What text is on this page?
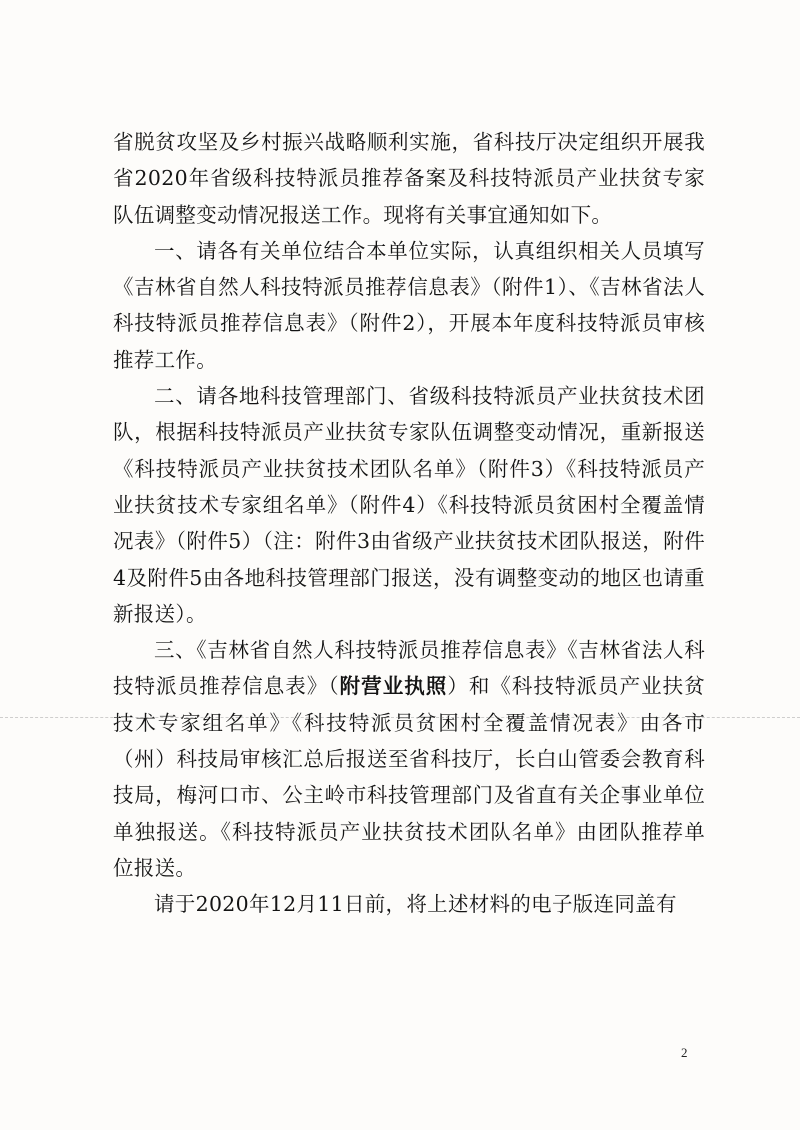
省脱贫攻坚及乡村振兴战略顺利实施，省科技厅决定组织开展我省2020年省级科技特派员推荐备案及科技特派员产业扶贫专家队伍调整变动情况报送工作。现将有关事宜通知如下。

一、请各有关单位结合本单位实际，认真组织相关人员填写《吉林省自然人科技特派员推荐信息表》（附件1）、《吉林省法人科技特派员推荐信息表》（附件2），开展本年度科技特派员审核推荐工作。

二、请各地科技管理部门、省级科技特派员产业扶贫技术团队，根据科技特派员产业扶贫专家队伍调整变动情况，重新报送《科技特派员产业扶贫技术团队名单》（附件3）《科技特派员产业扶贫技术专家组名单》（附件4）《科技特派员贫困村全覆盖情况表》（附件5）（注：附件3由省级产业扶贫技术团队报送，附件4及附件5由各地科技管理部门报送，没有调整变动的地区也请重新报送）。

三、《吉林省自然人科技特派员推荐信息表》《吉林省法人科技特派员推荐信息表》（附营业执照）和《科技特派员产业扶贫技术专家组名单》《科技特派员贫困村全覆盖情况表》由各市（州）科技局审核汇总后报送至省科技厅，长白山管委会教育科技局，梅河口市、公主岭市科技管理部门及省直有关企事业单位单独报送。《科技特派员产业扶贫技术团队名单》由团队推荐单位报送。

请于2020年12月11日前，将上述材料的电子版连同盖有

2
